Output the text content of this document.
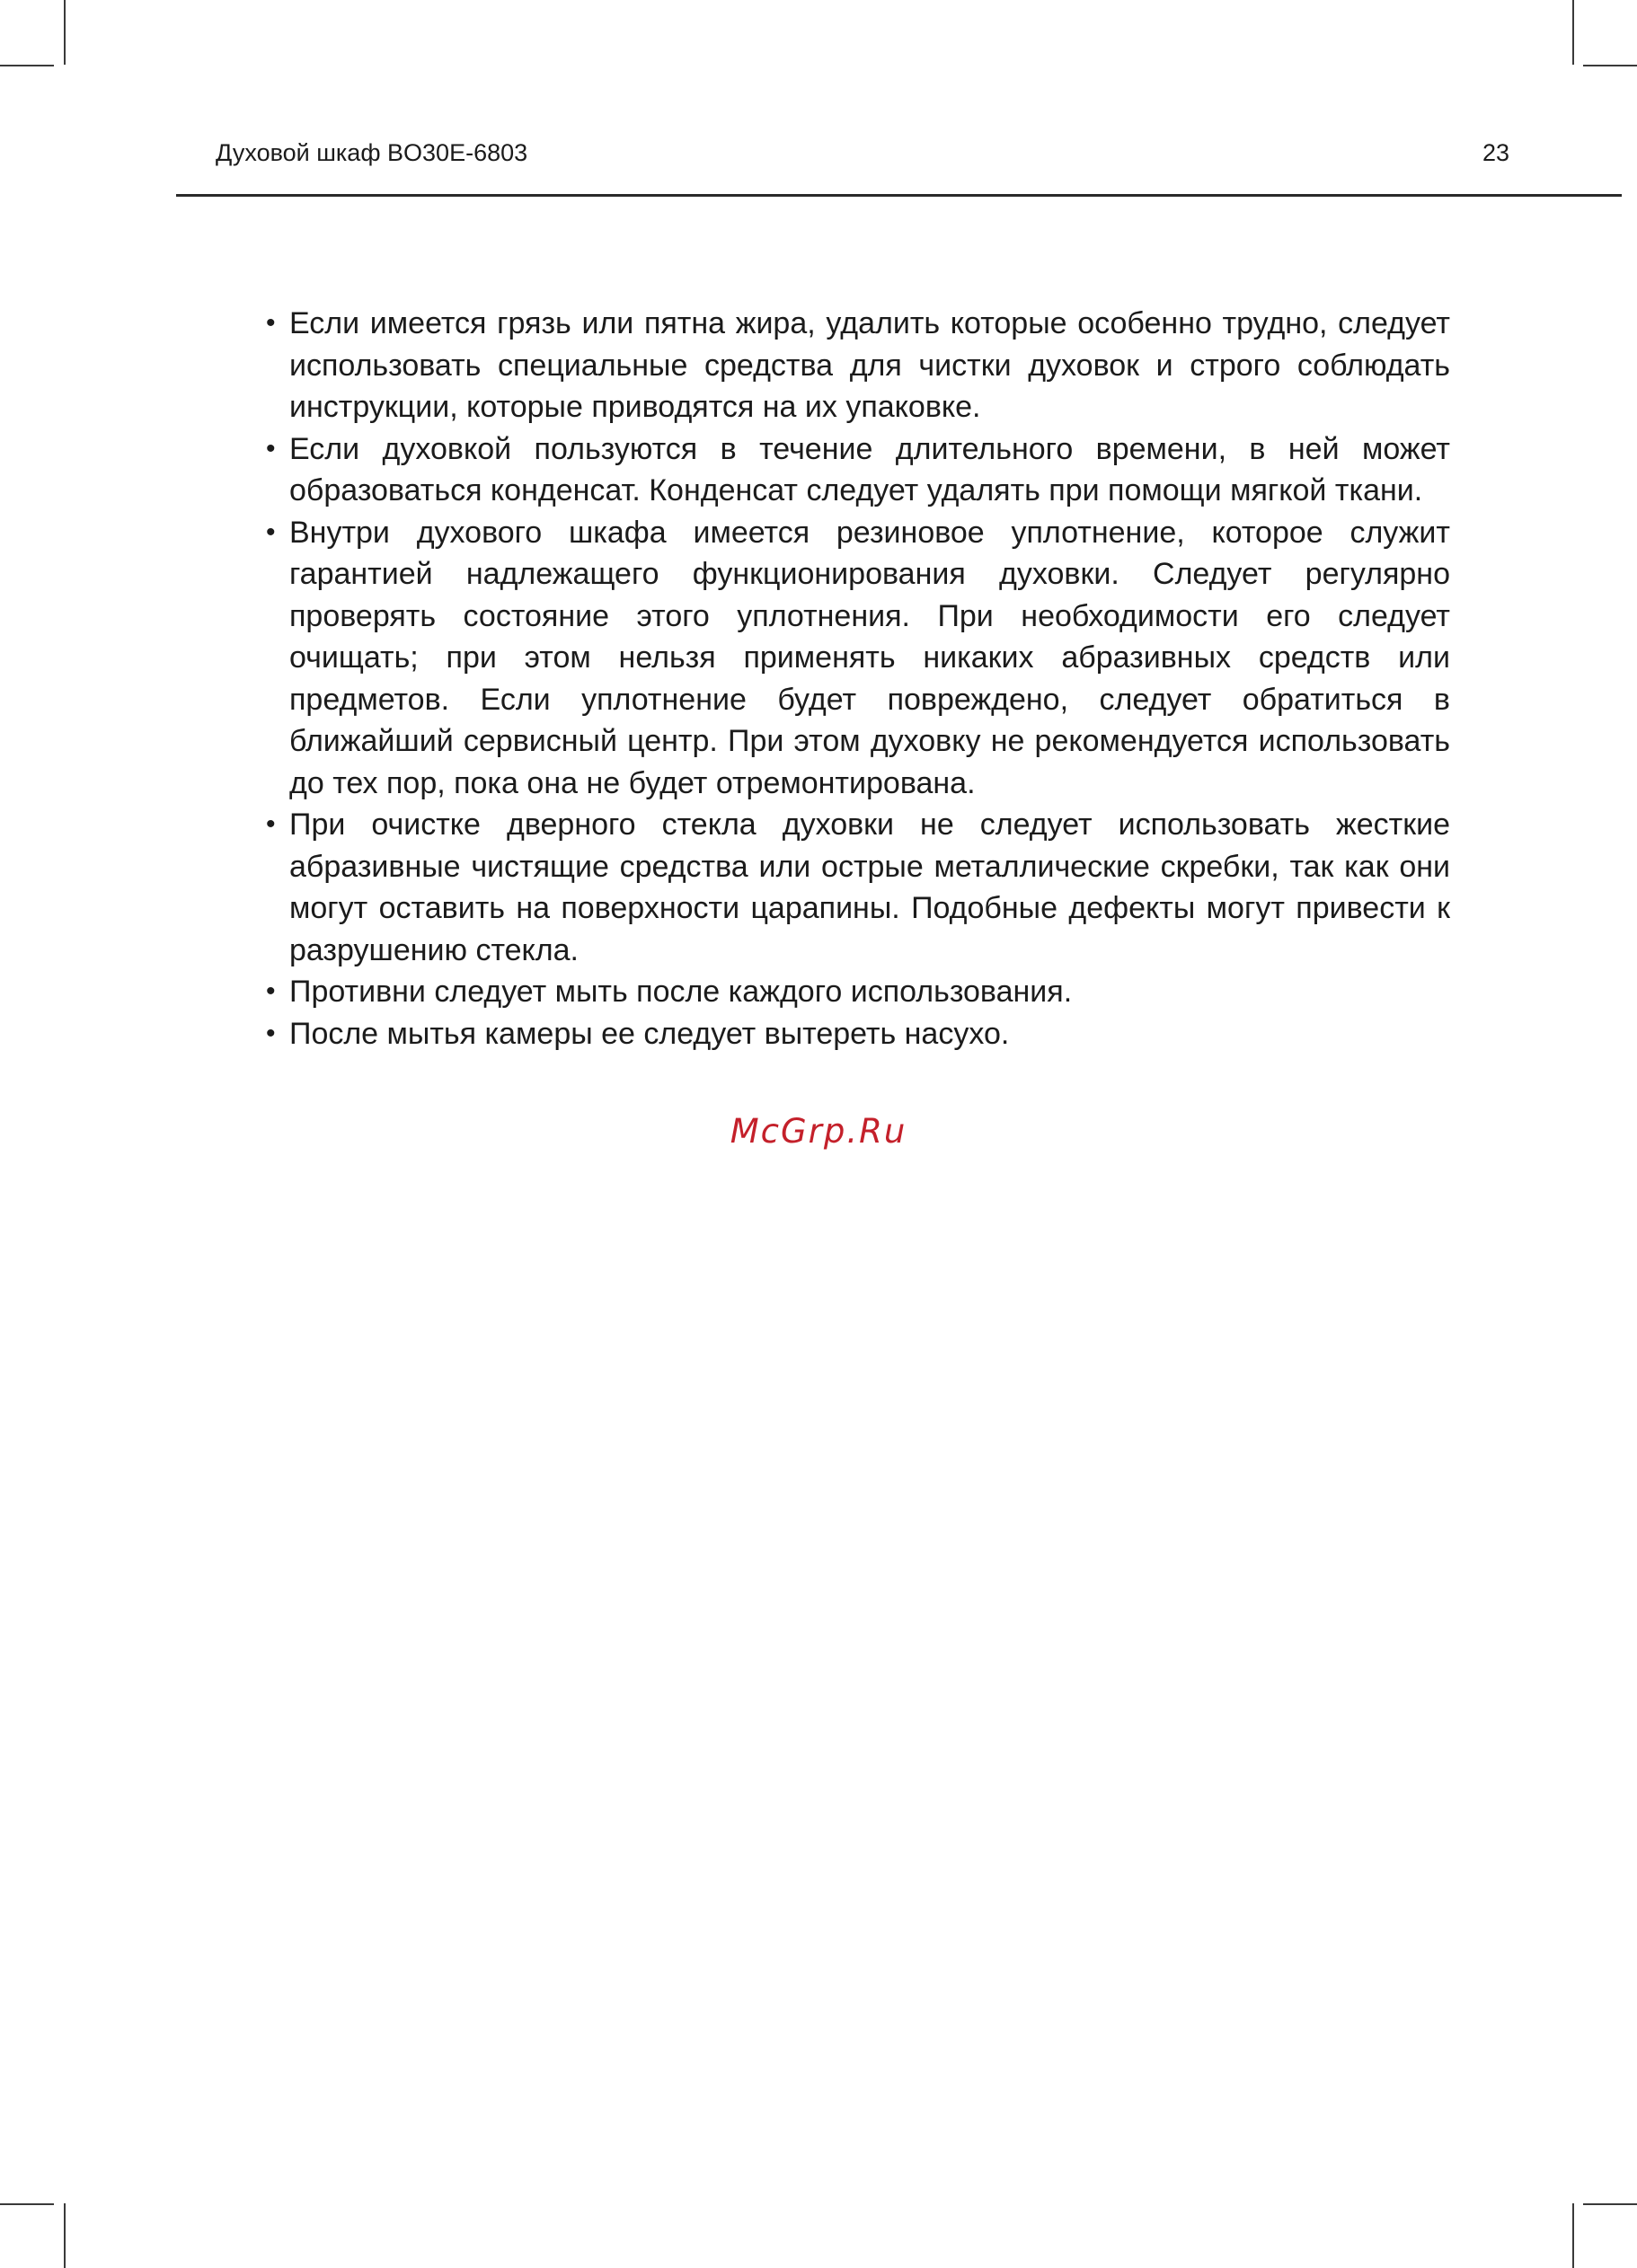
Духовой шкаф BO30E-6803	23
• Если имеется грязь или пятна жира, удалить которые особенно трудно, следует использовать специальные средства для чистки духовок и строго соблюдать инструкции, которые приводятся на их упаковке.
• Если духовкой пользуются в течение длительного времени, в ней может образоваться конденсат. Конденсат следует удалять при помощи мягкой ткани.
• Внутри духового шкафа имеется резиновое уплотнение, которое служит гарантией надлежащего функционирования духовки. Следует регулярно проверять состояние этого уплотнения. При необходимости его следует очищать; при этом нельзя применять никаких абразивных средств или предметов. Если уплотнение будет повреждено, следует обратиться в ближайший сервисный центр. При этом духовку не рекомендуется использовать до тех пор, пока она не будет отремонтирована.
• При очистке дверного стекла духовки не следует использовать жесткие абразивные чистящие средства или острые металлические скребки, так как они могут оставить на поверхности царапины. Подобные дефекты могут привести к разрушению стекла.
• Противни следует мыть после каждого использования.
• После мытья камеры ее следует вытереть насухо.
McGrp.Ru
